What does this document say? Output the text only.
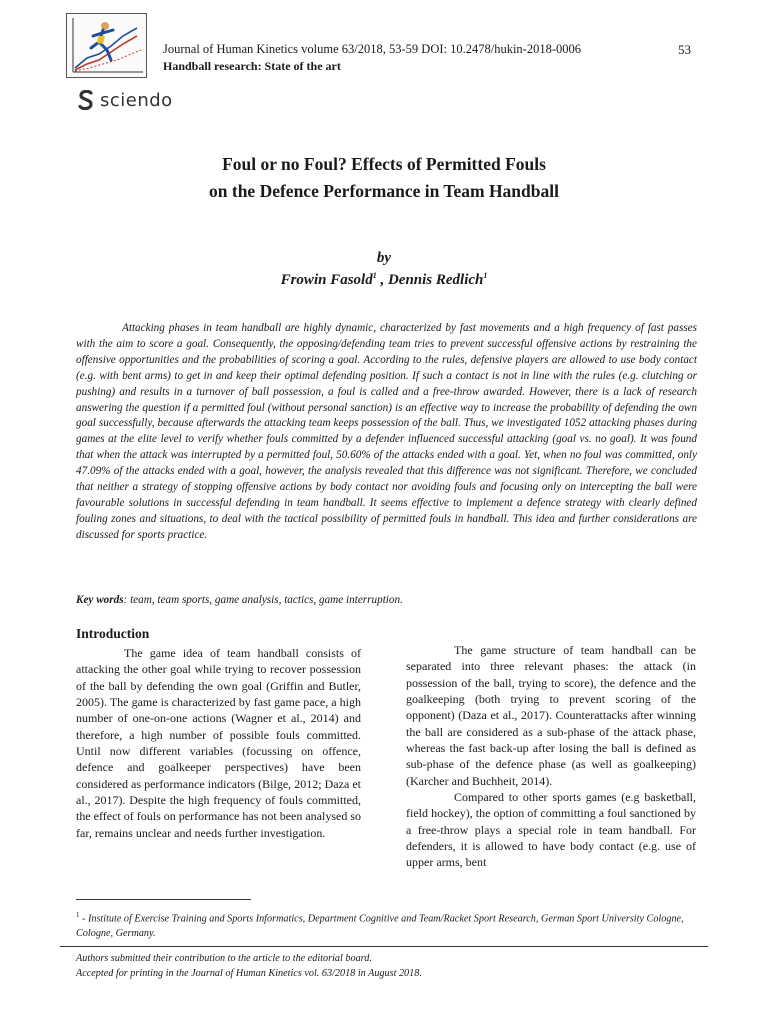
Journal of Human Kinetics volume 63/2018, 53-59 DOI: 10.2478/hukin-2018-0006	53
Handball research: State of the art
sciendo
Foul or no Foul? Effects of Permitted Fouls
on the Defence Performance in Team Handball
by
Frowin Fasold$^1$ , Dennis Redlich$^1$

Attacking phases in team handball are highly dynamic, characterized by fast movements and a high frequency of fast passes with the aim to score a goal. Consequently, the opposing/defending team tries to prevent successful offensive actions by restraining the offensive opportunities and the probabilities of scoring a goal. According to the rules, defensive players are allowed to use body contact (e.g. with bent arms) to get in and keep their optimal defending position. If such a contact is not in line with the rules (e.g. clutching or pushing) and results in a turnover of ball possession, a foul is called and a free-throw awarded. However, there is a lack of research answering the question if a permitted foul (without personal sanction) is an effective way to increase the probability of defending the own goal successfully, because afterwards the attacking team keeps possession of the ball. Thus, we investigated 1052 attacking phases during games at the elite level to verify whether fouls committed by a defender influenced successful attacking (goal vs. no goal). It was found that when the attack was interrupted by a permitted foul, 50.60% of the attacks ended with a goal. Yet, when no foul was committed, only 47.09% of the attacks ended with a goal, however, the analysis revealed that this difference was not significant. Therefore, we concluded that neither a strategy of stopping offensive actions by body contact nor avoiding fouls and focusing only on intercepting the ball were favourable solutions in successful defending in team handball. It seems effective to implement a defence strategy with clearly defined fouling zones and situations, to deal with the tactical possibility of permitted fouls in handball. This idea and further considerations are discussed for sports practice.

Key words: team, team sports, game analysis, tactics, game interruption.
Introduction

The game idea of team handball consists of attacking the other goal while trying to recover possession of the ball by defending the own goal (Griffin and Butler, 2005). The game is characterized by fast game pace, a high number of one-on-one actions (Wagner et al., 2014) and therefore, a high number of possible fouls committed. Until now different variables (focussing on offence, defence and goalkeeper perspectives) have been considered as performance indicators (Bilge, 2012; Daza et al., 2017). Despite the high frequency of fouls committed, the effect of fouls on performance has not been analysed so far, remains unclear and needs further investigation.

The game structure of team handball can be separated into three relevant phases: the attack (in possession of the ball, trying to score), the defence and the goalkeeping (both trying to prevent scoring of the opponent) (Daza et al., 2017). Counterattacks after winning the ball are considered as a sub-phase of the attack phase, whereas the fast back-up after losing the ball is defined as sub-phase of the defence phase (as well as goalkeeping) (Karcher and Buchheit, 2014).

Compared to other sports games (e.g basketball, field hockey), the option of committing a foul sanctioned by a free-throw plays a special role in team handball. For defenders, it is allowed to have body contact (e.g. use of upper arms, bent

$^1$ - Institute of Exercise Training and Sports Informatics, Department Cognitive and Team/Racket Sport Research, German Sport University Cologne, Cologne, Germany.
Authors submitted their contribution to the article to the editorial board.
Accepted for printing in the Journal of Human Kinetics vol. 63/2018 in August 2018.
